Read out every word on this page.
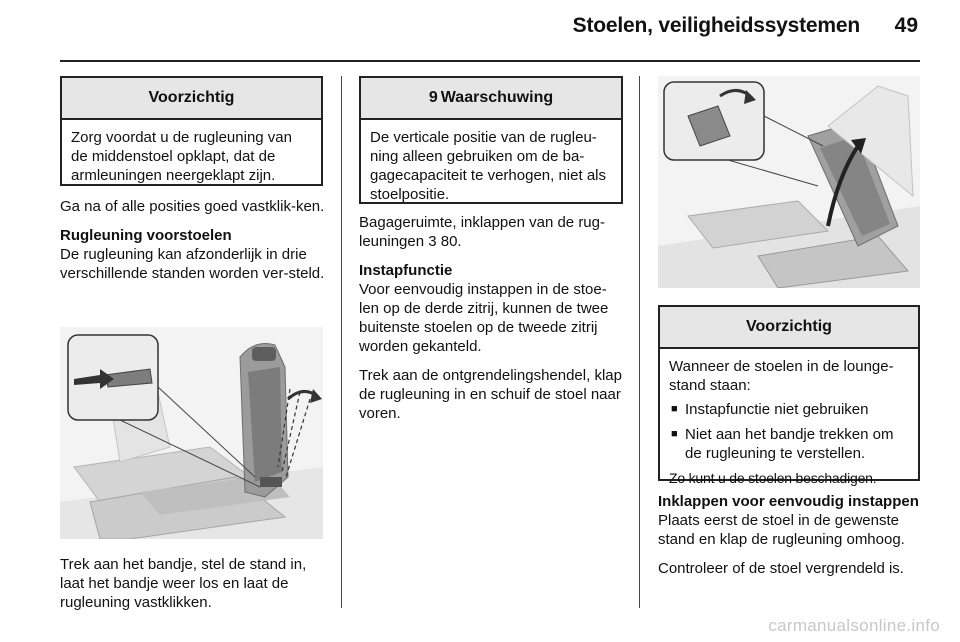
Stoelen, veiligheidssystemen	49
Voorzichtig
Zorg voordat u de rugleuning van de middenstoel opklapt, dat de armleuningen neergeklapt zijn.

Ga na of alle posities goed vastklik-ken.

Rugleuning voorstoelen

De rugleuning kan afzonderlijk in drie verschillende standen worden ver-steld.

Trek aan het bandje, stel de stand in, laat het bandje weer los en laat de rugleuning vastklikken.

9 Waarschuwing
De verticale positie van de rugleu-ning alleen gebruiken om de ba-gagecapaciteit te verhogen, niet als stoelpositie.

Bagageruimte, inklappen van de rug-leuningen 3 80.

Instapfunctie

Voor eenvoudig instappen in de stoe-len op de derde zitrij, kunnen de twee buitenste stoelen op de tweede zitrij worden gekanteld.

Trek aan de ontgrendelingshendel, klap de rugleuning in en schuif de stoel naar voren.

Voorzichtig

Wanneer de stoelen in de lounge-stand staan:

■ Instapfunctie niet gebruiken
■ Niet aan het bandje trekken om de rugleuning te verstellen.

Zo kunt u de stoelen beschadigen.

Inklappen voor eenvoudig instappen

Plaats eerst de stoel in de gewenste stand en klap de rugleuning omhoog.

Controleer of de stoel vergrendeld is.

carmanualsonline.info
